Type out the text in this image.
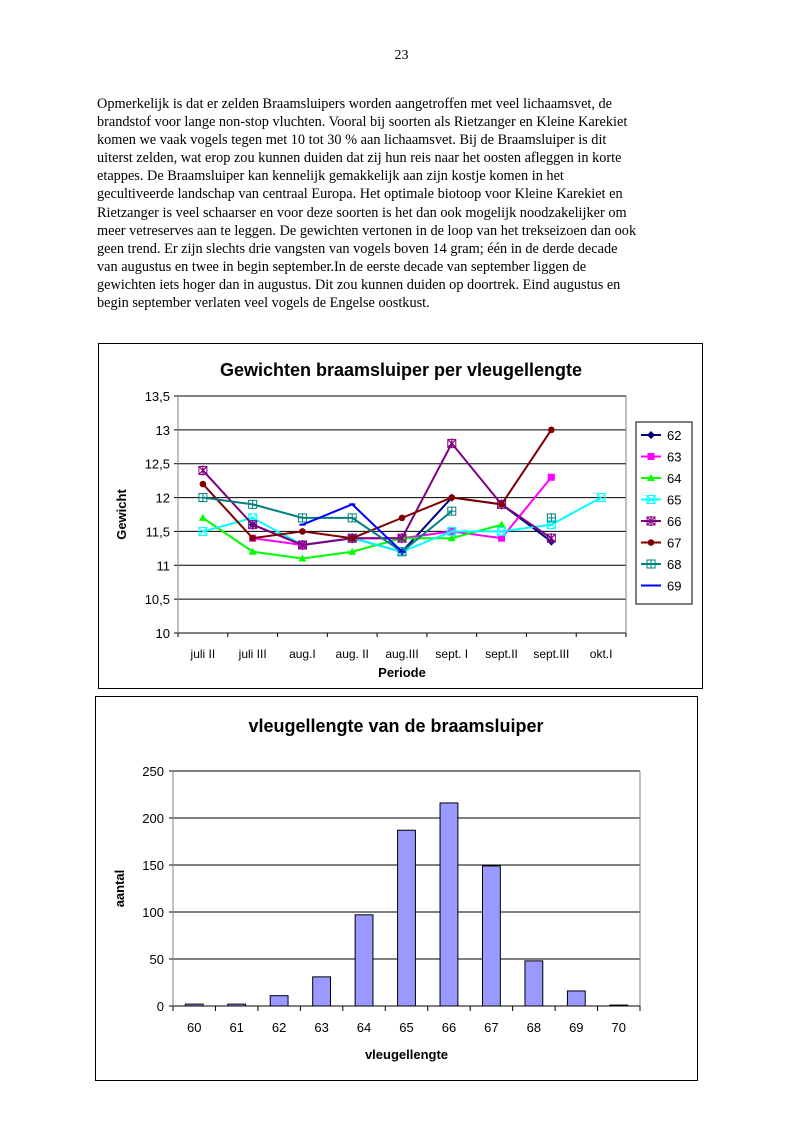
23
Opmerkelijk is dat er zelden Braamsluipers worden aangetroffen met veel lichaamsvet, de
brandstof voor lange non-stop vluchten. Vooral bij soorten als Rietzanger en Kleine Karekiet
komen we vaak vogels tegen met 10 tot 30 % aan lichaamsvet. Bij de Braamsluiper is dit
uiterst zelden, wat erop zou kunnen duiden dat zij hun reis naar het oosten afleggen in korte
etappes. De Braamsluiper kan kennelijk gemakkelijk aan zijn kostje komen in het
gecultiveerde landschap van centraal Europa. Het optimale biotoop voor Kleine Karekiet en
Rietzanger is veel schaarser en voor deze soorten is het dan ook mogelijk noodzakelijker om
meer vetreserves aan te leggen. De gewichten vertonen in de loop van het trekseizoen dan ook
geen trend. Er zijn slechts drie vangsten van vogels boven 14 gram; één in de derde decade
van augustus en twee in begin september.In de eerste decade van september liggen de
gewichten iets hoger dan in augustus. Dit zou kunnen duiden op doortrek. Eind augustus en
begin september verlaten veel vogels de Engelse oostkust.
Gewichten braamsluiper per vleugellengte
10
10,5
11
11,5
12
12,5
13
13,5
juli II juli III aug.I aug. II aug.III sept. I sept.II sept.III okt.I
Periode
Gewicht
62
63
64
65
66
67
68
69
vleugellengte van de braamsluiper
0
50
100
150
200
250
60 61 62 63 64 65 66 67 68 69 70
vleugellengte
aantal
